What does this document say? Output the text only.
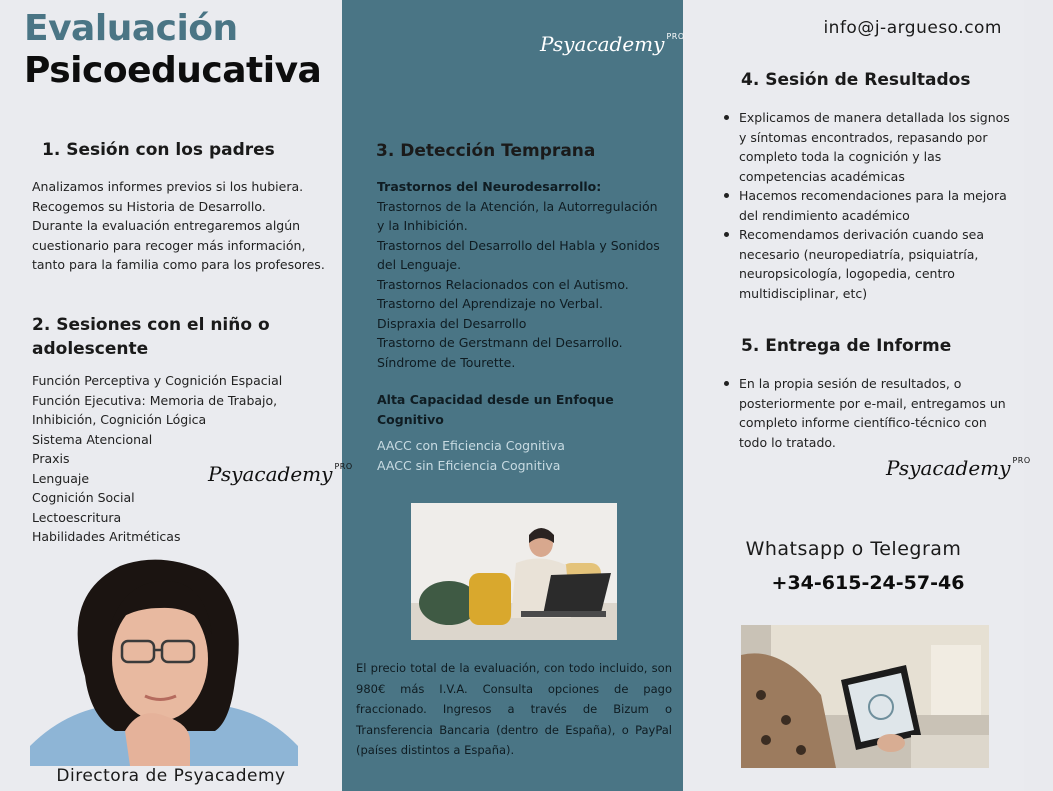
Evaluación
Psicoeducativa
1. Sesión con los padres
Analizamos informes previos si los hubiera.
Recogemos su Historia de Desarrollo.
Durante la evaluación entregaremos algún
cuestionario para recoger más información,
tanto para la familia como para los profesores.
2. Sesiones con el niño o
adolescente
Función Perceptiva y Cognición Espacial
Función Ejecutiva: Memoria de Trabajo,
Inhibición, Cognición Lógica
Sistema Atencional
Praxis
Lenguaje
Cognición Social
Lectoescritura
Habilidades Aritméticas
Psyacademy $^{PRO}$
Directora de Psyacademy
Psyacademy $^{PRO}$
3. Detección Temprana
Trastornos del Neurodesarrollo:
Trastornos de la Atención, la Autorregulación
y la Inhibición.
Trastornos del Desarrollo del Habla y Sonidos
del Lenguaje.
Trastornos Relacionados con el Autismo.
Trastorno del Aprendizaje no Verbal.
Dispraxia del Desarrollo
Trastorno de Gerstmann del Desarrollo.
Síndrome de Tourette.
Alta Capacidad desde un Enfoque
Cognitivo
AACC con Eficiencia Cognitiva
AACC sin Eficiencia Cognitiva
El precio total de la evaluación, con todo incluido, son 980€ más I.V.A. Consulta opciones de pago fraccionado. Ingresos a través de Bizum o Transferencia Bancaria (dentro de España), o PayPal (países distintos a España).
info@j-argueso.com
4. Sesión de Resultados
Explicamos de manera detallada los signos y síntomas encontrados, repasando por completo toda la cognición y las competencias académicas
Hacemos recomendaciones para la mejora del rendimiento académico
Recomendamos derivación cuando sea necesario (neuropediatría, psiquiatría, neuropsicología, logopedia, centro multidisciplinar, etc)
5. Entrega de Informe
En la propia sesión de resultados, o posteriormente por e-mail, entregamos un completo informe científico-técnico con todo lo tratado.
Psyacademy $^{PRO}$
Whatsapp o Telegram
+34-615-24-57-46
